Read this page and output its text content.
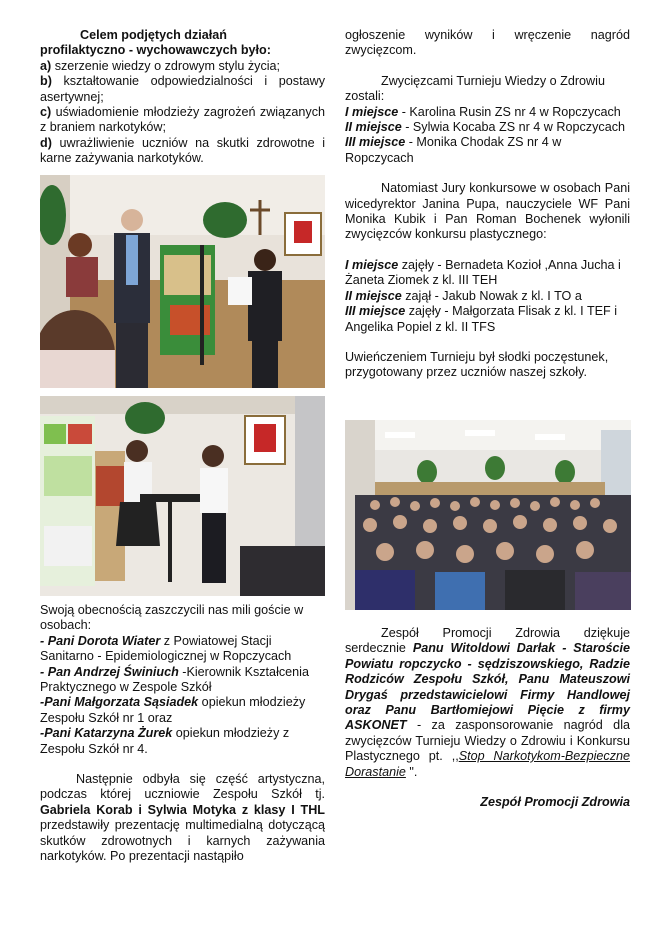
Celem podjętych działań

profilaktyczno - wychowawczych było:

a) szerzenie wiedzy o zdrowym stylu życia;

b) kształtowanie odpowiedzialności i postawy asertywnej;

c) uświadomienie młodzieży zagrożeń związanych z braniem narkotyków;

d) uwrażliwienie uczniów na skutki zdrowotne i karne zażywania narkotyków.

Swoją obecnością zaszczycili nas mili goście w osobach:

- Pani Dorota Wiater z Powiatowej Stacji Sanitarno - Epidemiologicznej w Ropczycach

- Pan Andrzej Świniuch -Kierownik Kształcenia Praktycznego w Zespole Szkół

-Pani Małgorzata Sąsiadek opiekun młodzieży Zespołu Szkół nr 1 oraz

-Pani Katarzyna Żurek opiekun młodzieży z Zespołu Szkół nr 4.

Następnie odbyła się część artystyczna, podczas której uczniowie Zespołu Szkół tj. Gabriela Korab i Sylwia Motyka z klasy I THL przedstawiły prezentację multimedialną dotyczącą skutków zdrowotnych i karnych zażywania narkotyków. Po prezentacji nastąpiło

ogłoszenie wyników i wręczenie nagród zwycięzcom.

Zwycięzcami Turnieju Wiedzy o Zdrowiu zostali:

I miejsce - Karolina Rusin ZS nr 4 w Ropczycach

II miejsce - Sylwia Kocaba ZS nr 4 w Ropczycach

III miejsce - Monika Chodak ZS nr 4 w Ropczycach

Natomiast Jury konkursowe w osobach Pani wicedyrektor Janina Pupa, nauczyciele WF Pani Monika Kubik i Pan Roman Bochenek wyłonili zwycięzców konkursu plastycznego:

I miejsce zajęły - Bernadeta Kozioł ,Anna Jucha i Żaneta Ziomek z kl. III TEH

II miejsce zajął - Jakub Nowak z kl. I TO a

III miejsce zajęły - Małgorzata Flisak z kl. I TEF i Angelika Popiel z kl. II TFS

Uwieńczeniem Turnieju był słodki poczęstunek, przygotowany przez uczniów naszej szkoły.

Zespół Promocji Zdrowia dziękuje serdecznie Panu Witoldowi Darłak - Staroście Powiatu ropczycko - sędziszowskiego, Radzie Rodziców Zespołu Szkół, Panu Mateuszowi Drygaś przedstawicielowi Firmy Handlowej oraz Panu Bartłomiejowi Pięcie z firmy ASKONET - za zasponsorowanie nagród dla zwycięzców Turnieju Wiedzy o Zdrowiu i Konkursu Plastycznego pt. ,,Stop Narkotykom-Bezpieczne Dorastanie ".

Zespół Promocji Zdrowia
